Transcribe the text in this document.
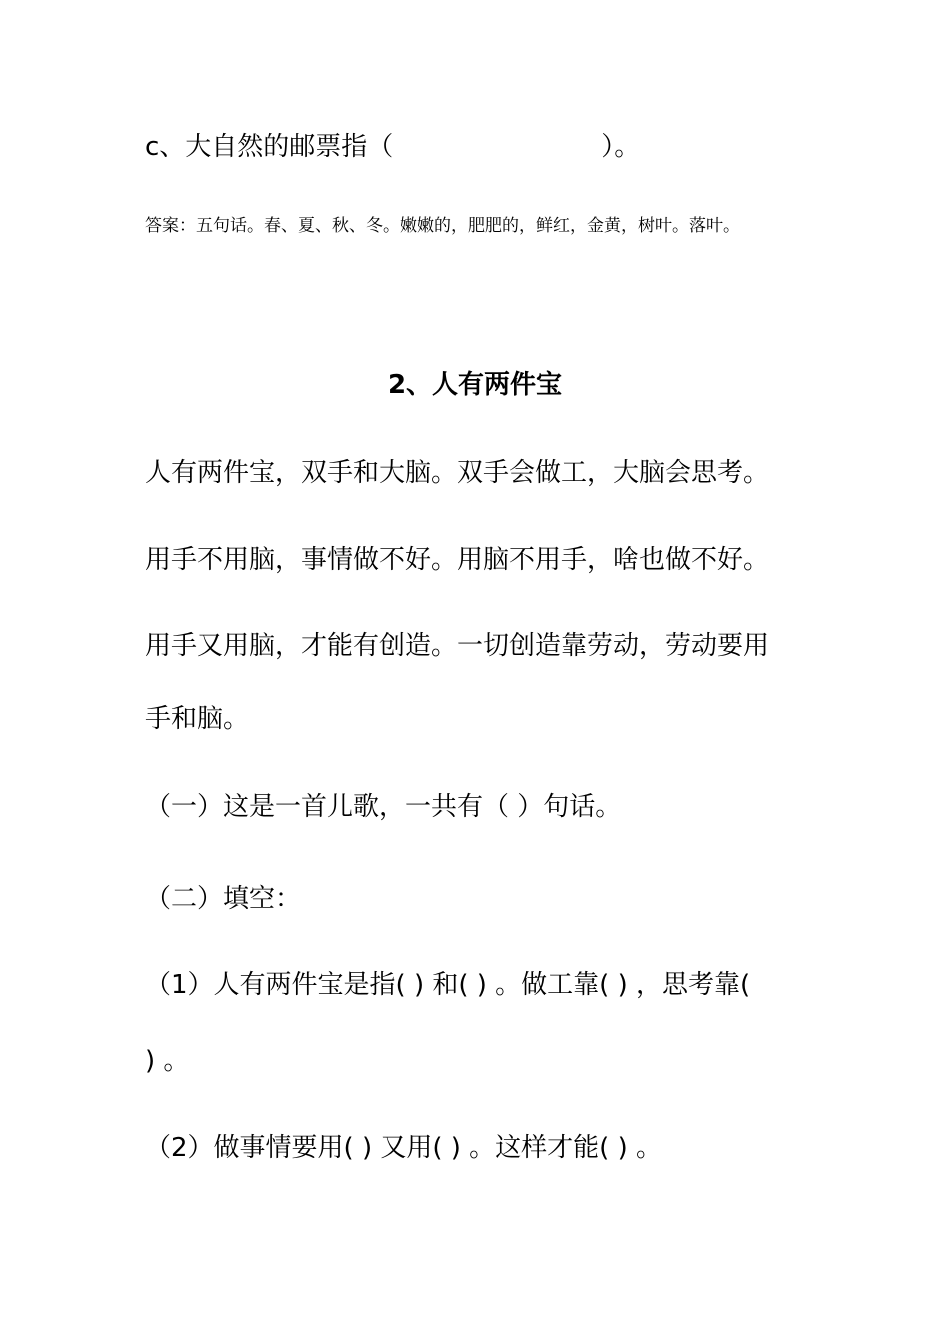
c、大自然的邮票指（　　　　　　　　）。
答案：五句话。春、夏、秋、冬。嫩嫩的，肥肥的，鲜红，金黄，树叶。落叶。
2、人有两件宝
人有两件宝，双手和大脑。双手会做工，大脑会思考。
用手不用脑，事情做不好。用脑不用手，啥也做不好。
用手又用脑，才能有创造。一切创造靠劳动，劳动要用
手和脑。
（一）这是一首儿歌，一共有（ ）句话。
（二）填空：
（1）人有两件宝是指( ) 和( ) 。做工靠( ) ，思考靠(
) 。
（2）做事情要用( ) 又用( ) 。这样才能( ) 。
